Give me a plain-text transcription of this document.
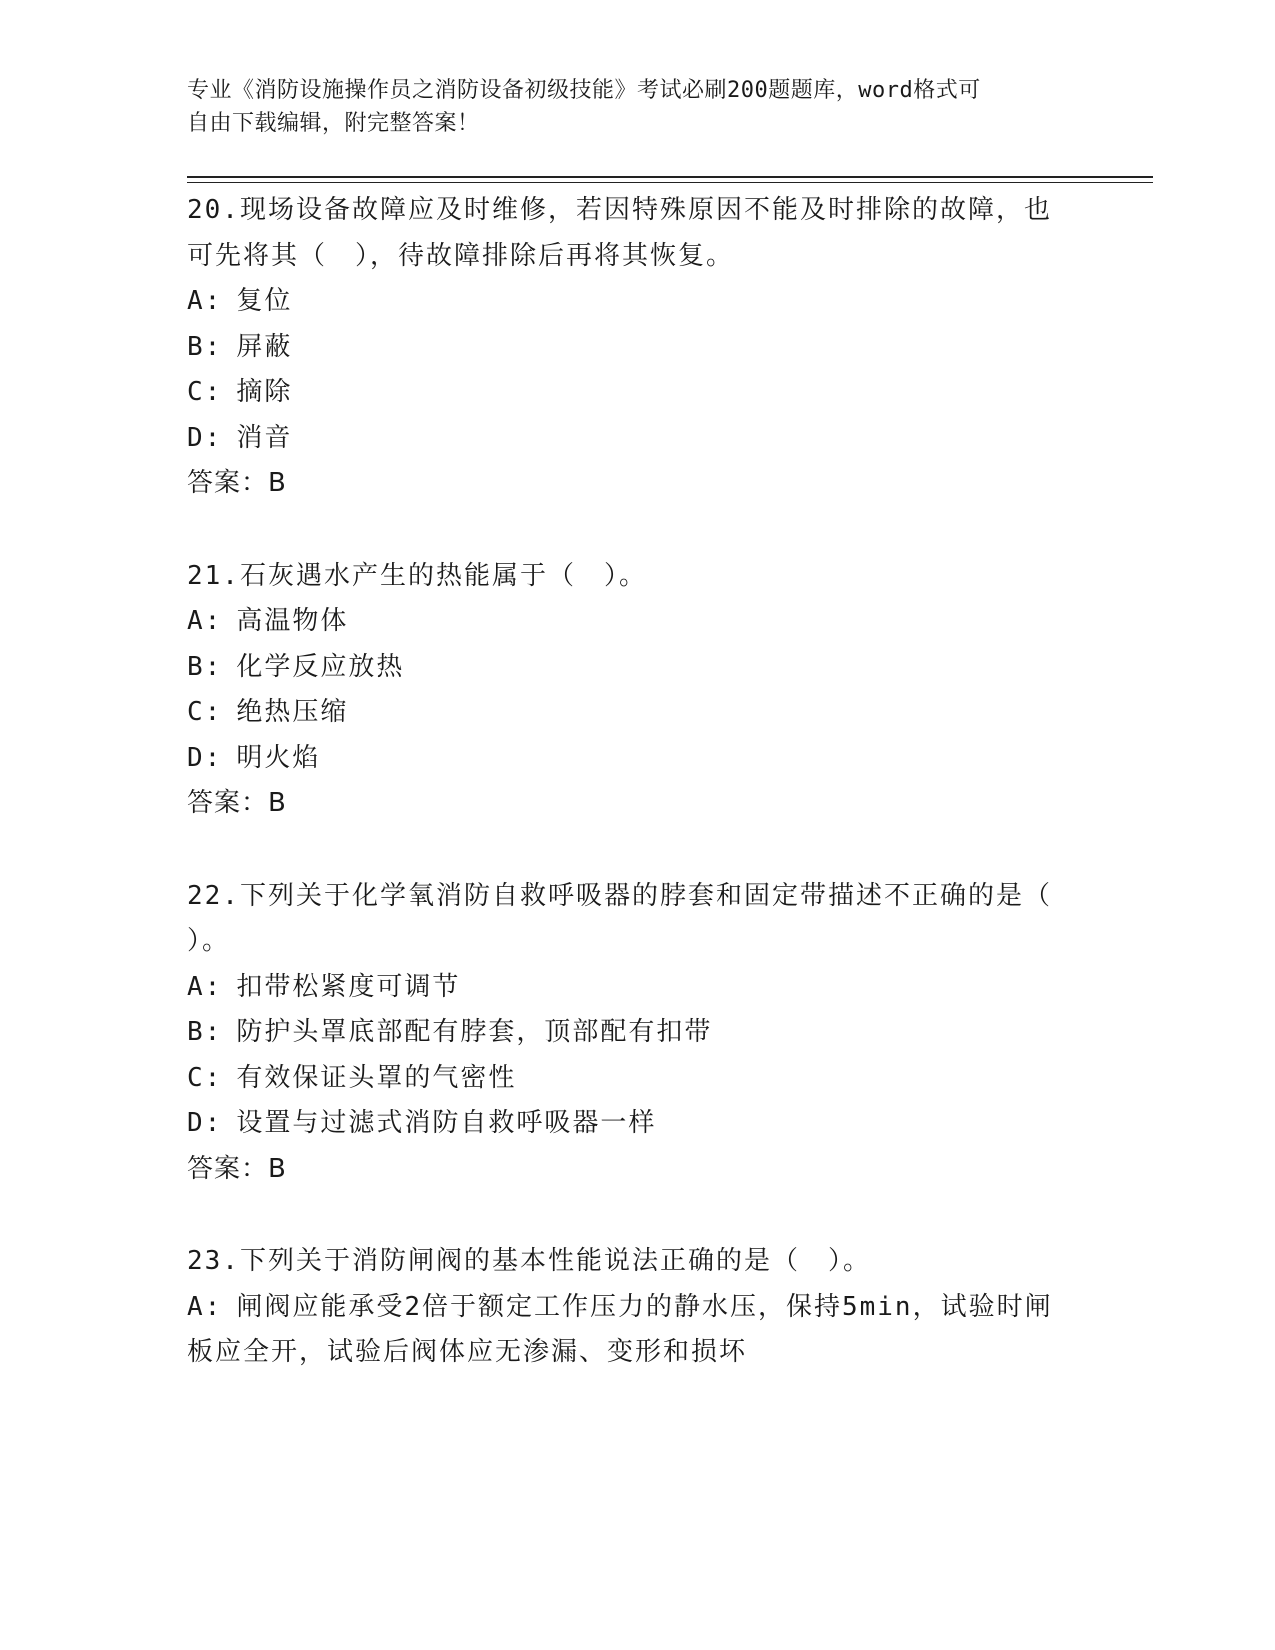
专业《消防设施操作员之消防设备初级技能》考试必刷200题题库，word格式可
自由下载编辑，附完整答案！
20.现场设备故障应及时维修，若因特殊原因不能及时排除的故障，也
可先将其（　），待故障排除后再将其恢复。
A: 复位
B: 屏蔽
C: 摘除
D: 消音
答案：B
21.石灰遇水产生的热能属于（　）。
A: 高温物体
B: 化学反应放热
C: 绝热压缩
D: 明火焰
答案：B
22.下列关于化学氧消防自救呼吸器的脖套和固定带描述不正确的是（
）。
A: 扣带松紧度可调节
B: 防护头罩底部配有脖套，顶部配有扣带
C: 有效保证头罩的气密性
D: 设置与过滤式消防自救呼吸器一样
答案：B
23.下列关于消防闸阀的基本性能说法正确的是（　）。
A: 闸阀应能承受2倍于额定工作压力的静水压，保持5min，试验时闸
板应全开，试验后阀体应无渗漏、变形和损坏
